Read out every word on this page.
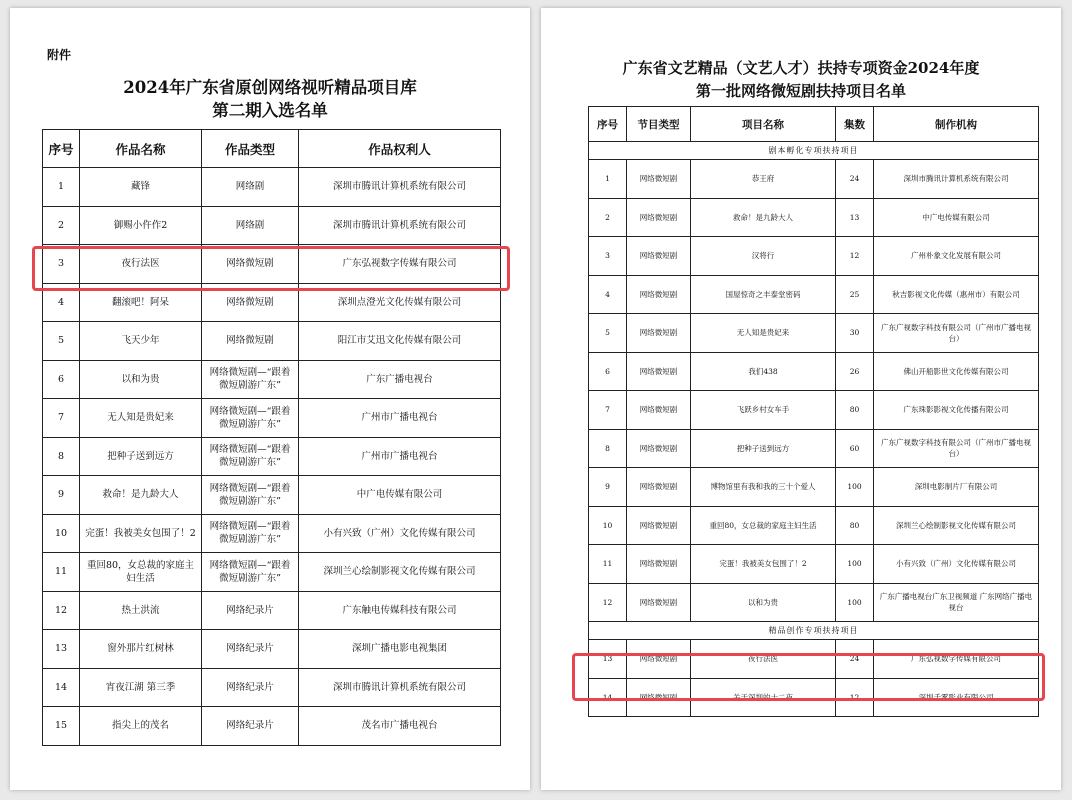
附件
2024年广东省原创网络视听精品项目库
第二期入选名单
序号	作品名称	作品类型	作品权利人
1	藏锋	网络剧	深圳市腾讯计算机系统有限公司
2	御赐小仵作2	网络剧	深圳市腾讯计算机系统有限公司
3	夜行法医	网络微短剧	广东弘视数字传媒有限公司
4	翻滚吧！阿呆	网络微短剧	深圳点澄光文化传媒有限公司
5	飞天少年	网络微短剧	阳江市艾迅文化传媒有限公司
6	以和为贵	网络微短剧—“跟着微短剧游广东”	广东广播电视台
7	无人知是贵妃来	网络微短剧—“跟着微短剧游广东”	广州市广播电视台
8	把种子送到远方	网络微短剧—“跟着微短剧游广东”	广州市广播电视台
9	救命！是九龄大人	网络微短剧—“跟着微短剧游广东”	中广电传媒有限公司
10	完蛋！我被美女包围了！2	网络微短剧—“跟着微短剧游广东”	小有兴致（广州）文化传媒有限公司
11	重回80，女总裁的家庭主妇生活	网络微短剧—“跟着微短剧游广东”	深圳兰心绘制影视文化传媒有限公司
12	热土洪流	网络纪录片	广东触电传媒科技有限公司
13	窗外那片红树林	网络纪录片	深圳广播电影电视集团
14	宵夜江湖 第三季	网络纪录片	深圳市腾讯计算机系统有限公司
15	指尖上的茂名	网络纪录片	茂名市广播电视台
广东省文艺精品（文艺人才）扶持专项资金2024年度
第一批网络微短剧扶持项目名单
序号	节目类型	项目名称	集数	制作机构
剧本孵化专项扶持项目				
1	网络微短剧	恭王府	24	深圳市腾讯计算机系统有限公司
2	网络微短剧	救命！是九龄大人	13	中广电传媒有限公司
3	网络微短剧	汉将行	12	广州朴象文化发展有限公司
4	网络微短剧	国屋惊奇之丰泰堂密码	25	秋吉影视文化传媒（惠州市）有限公司
5	网络微短剧	无人知是贵妃来	30	广东广视数字科技有限公司（广州市广播电视台）
6	网络微短剧	我们438	26	佛山开船影世文化传媒有限公司
7	网络微短剧	飞跃乡村女车手	80	广东珠影影视文化传播有限公司
8	网络微短剧	把种子送到远方	60	广东广视数字科技有限公司（广州市广播电视台）
9	网络微短剧	博物馆里有我和我的三十个爱人	100	深圳电影制片厂有限公司
10	网络微短剧	重回80，女总裁的家庭主妇生活	80	深圳兰心绘制影视文化传媒有限公司
11	网络微短剧	完蛋！我被美女包围了！2	100	小有兴致（广州）文化传媒有限公司
12	网络微短剧	以和为贵	100	广东广播电视台广东卫视频道 广东网络广播电视台
精品创作专项扶持项目				
13	网络微短剧	夜行法医	24	广东弘视数字传媒有限公司
14	网络微短剧	关于深圳的十二夜	12	深圳千雾影业有限公司
